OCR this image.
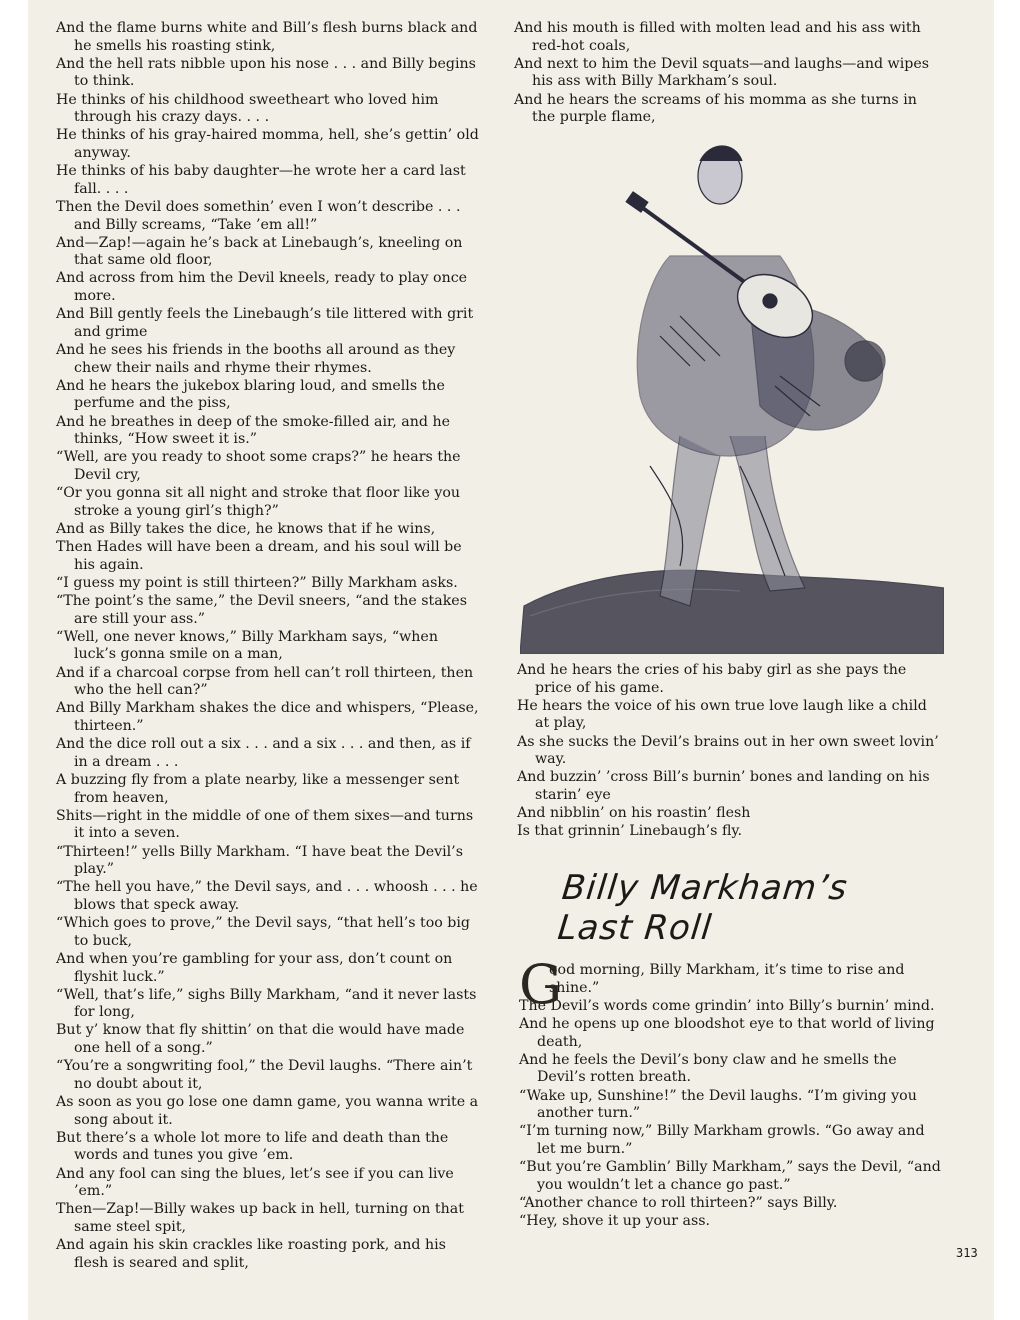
And the flame burns white and Bill’s flesh burns black and he smells his roasting stink,
And the hell rats nibble upon his nose . . . and Billy begins to think.
He thinks of his childhood sweetheart who loved him through his crazy days. . . .
He thinks of his gray-haired momma, hell, she’s gettin’ old anyway.
He thinks of his baby daughter—he wrote her a card last fall. . . .
Then the Devil does somethin’ even I won’t describe . . . and Billy screams, “Take ’em all!”
And—Zap!—again he’s back at Linebaugh’s, kneeling on that same old floor,
And across from him the Devil kneels, ready to play once more.
And Bill gently feels the Linebaugh’s tile littered with grit and grime
And he sees his friends in the booths all around as they chew their nails and rhyme their rhymes.
And he hears the jukebox blaring loud, and smells the perfume and the piss,
And he breathes in deep of the smoke-filled air, and he thinks, “How sweet it is.”
“Well, are you ready to shoot some craps?” he hears the Devil cry,
“Or you gonna sit all night and stroke that floor like you stroke a young girl’s thigh?”
And as Billy takes the dice, he knows that if he wins,
Then Hades will have been a dream, and his soul will be his again.
“I guess my point is still thirteen?” Billy Markham asks.
“The point’s the same,” the Devil sneers, “and the stakes are still your ass.”
“Well, one never knows,” Billy Markham says, “when luck’s gonna smile on a man,
And if a charcoal corpse from hell can’t roll thirteen, then who the hell can?”
And Billy Markham shakes the dice and whispers, “Please, thirteen.”
And the dice roll out a six . . . and a six . . . and then, as if in a dream . . .
A buzzing fly from a plate nearby, like a messenger sent from heaven,
Shits—right in the middle of one of them sixes—and turns it into a seven.
“Thirteen!” yells Billy Markham. “I have beat the Devil’s play.”
“The hell you have,” the Devil says, and . . . whoosh . . . he blows that speck away.
“Which goes to prove,” the Devil says, “that hell’s too big to buck,
And when you’re gambling for your ass, don’t count on flyshit luck.”
“Well, that’s life,” sighs Billy Markham, “and it never lasts for long,
But y’ know that fly shittin’ on that die would have made one hell of a song.”
“You’re a songwriting fool,” the Devil laughs. “There ain’t no doubt about it,
As soon as you go lose one damn game, you wanna write a song about it.
But there’s a whole lot more to life and death than the words and tunes you give ’em.
And any fool can sing the blues, let’s see if you can live ’em.”
Then—Zap!—Billy wakes up back in hell, turning on that same steel spit,
And again his skin crackles like roasting pork, and his flesh is seared and split,
And his mouth is filled with molten lead and his ass with red-hot coals,
And next to him the Devil squats—and laughs—and wipes his ass with Billy Markham’s soul.
And he hears the screams of his momma as she turns in the purple flame,
And he hears the cries of his baby girl as she pays the price of his game.
He hears the voice of his own true love laugh like a child at play,
As she sucks the Devil’s brains out in her own sweet lovin’ way.
And buzzin’ ’cross Bill’s burnin’ bones and landing on his starin’ eye
And nibblin’ on his roastin’ flesh
Is that grinnin’ Linebaugh’s fly.
Billy Markham’s Last Roll
G
ood morning, Billy Markham, it’s time to rise and shine.”
The Devil’s words come grindin’ into Billy’s burnin’ mind.
And he opens up one bloodshot eye to that world of living death,
And he feels the Devil’s bony claw and he smells the Devil’s rotten breath.
“Wake up, Sunshine!” the Devil laughs. “I’m giving you another turn.”
“I’m turning now,” Billy Markham growls. “Go away and let me burn.”
“But you’re Gamblin’ Billy Markham,” says the Devil, “and you wouldn’t let a chance go past.”
“Another chance to roll thirteen?” says Billy.
“Hey, shove it up your ass.
313
